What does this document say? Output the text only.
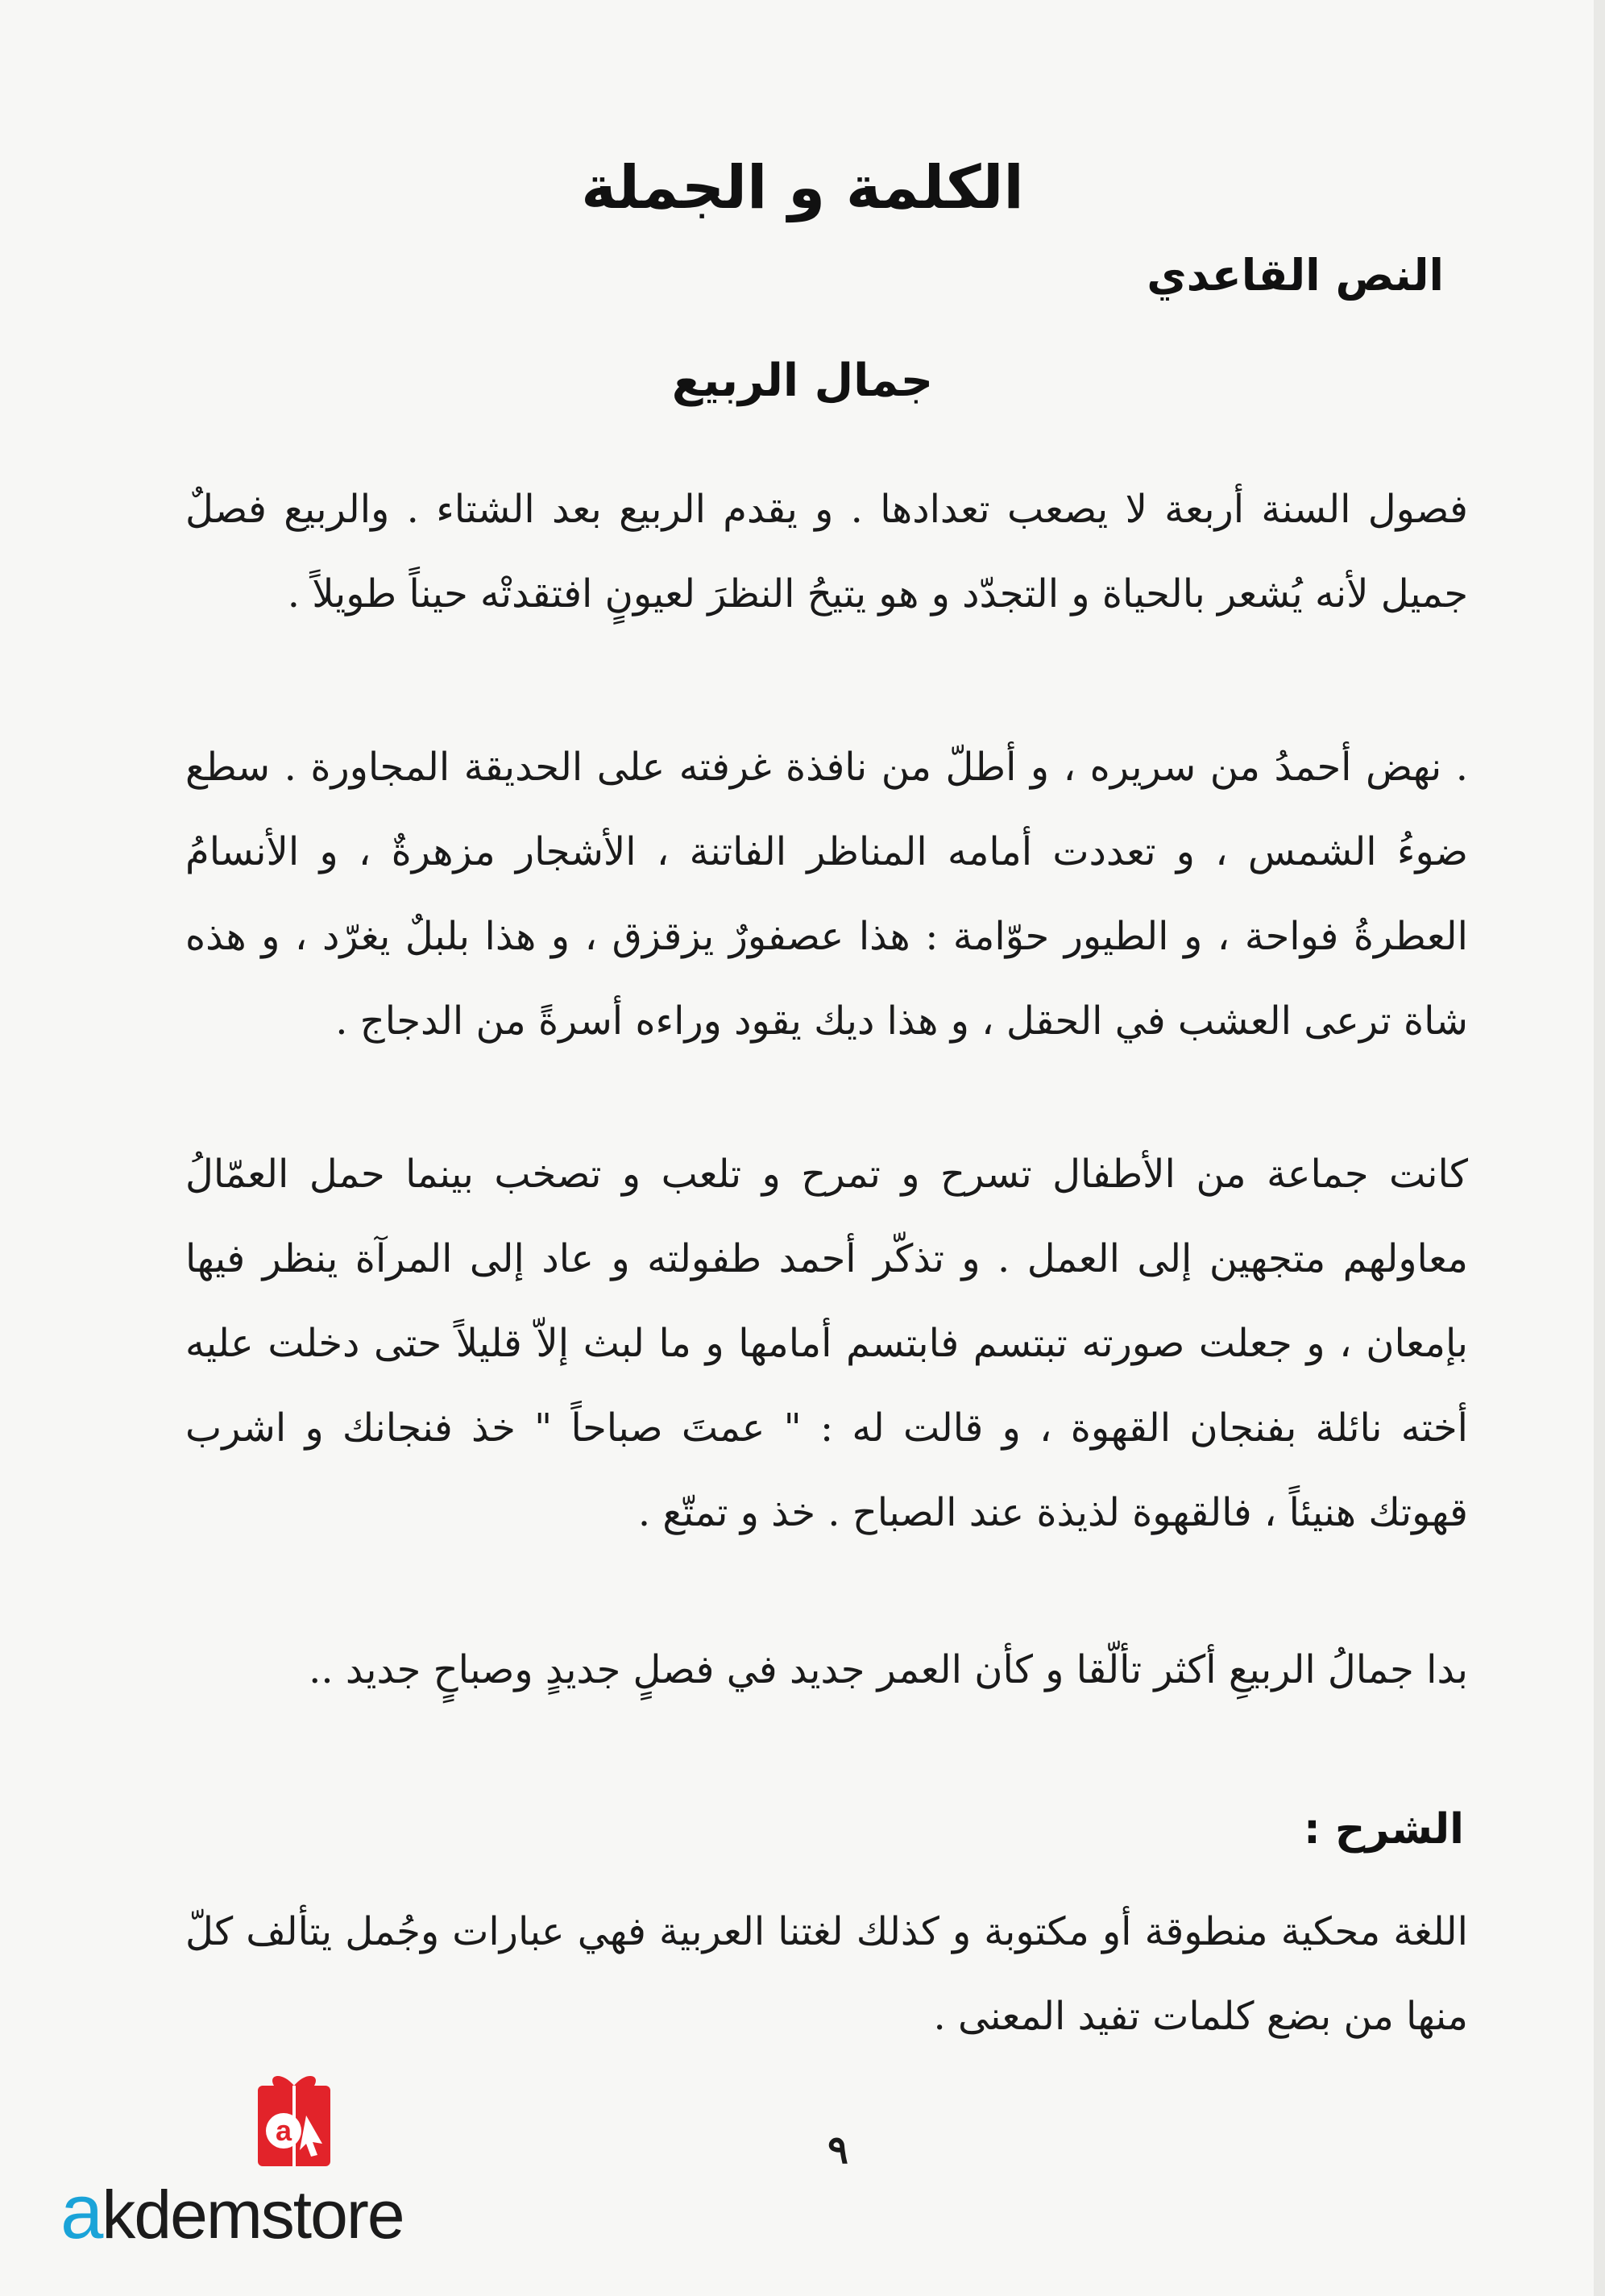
الكلمة و الجملة
النص القاعدي
جمال الربيع

فصول السنة أربعة لا يصعب تعدادها . و يقدم الربيع بعد الشتاء . والربيع فصلٌ جميل لأنه يُشعر بالحياة و التجدّد و هو يتيحُ النظرَ لعيونٍ افتقدتْه حيناً طويلاً .

. نهض أحمدُ من سريره ، و أطلّ من نافذة غرفته على الحديقة المجاورة . سطع ضوءُ الشمس ، و تعددت أمامه المناظر الفاتنة ، الأشجار مزهرةٌ ، و الأنسامُ العطرةُ فواحة ، و الطيور حوّامة : هذا عصفورٌ يزقزق ، و هذا بلبلٌ يغرّد ، و هذه شاة ترعى العشب في الحقل ، و هذا ديك يقود وراءه أسرةً من الدجاج .

كانت جماعة من الأطفال تسرح و تمرح و تلعب و تصخب بينما حمل العمّالُ معاولهم متجهين إلى العمل . و تذكّر أحمد طفولته و عاد إلى المرآة ينظر فيها بإمعان ، و جعلت صورته تبتسم فابتسم أمامها و ما لبث إلاّ قليلاً حتى دخلت عليه أخته نائلة بفنجان القهوة ، و قالت له : " عمتَ صباحاً " خذ فنجانك و اشرب قهوتك هنيئاً ، فالقهوة لذيذة عند الصباح . خذ و تمتّع .

بدا جمالُ الربيعِ أكثر تألّقا و كأن العمر جديد في فصلٍ جديدٍ وصباحٍ جديد ..

الشرح :

اللغة محكية منطوقة أو مكتوبة و كذلك لغتنا العربية فهي عبارات وجُمل يتألف كلّ منها من بضع كلمات تفيد المعنى .

٩
a
akdemstore
